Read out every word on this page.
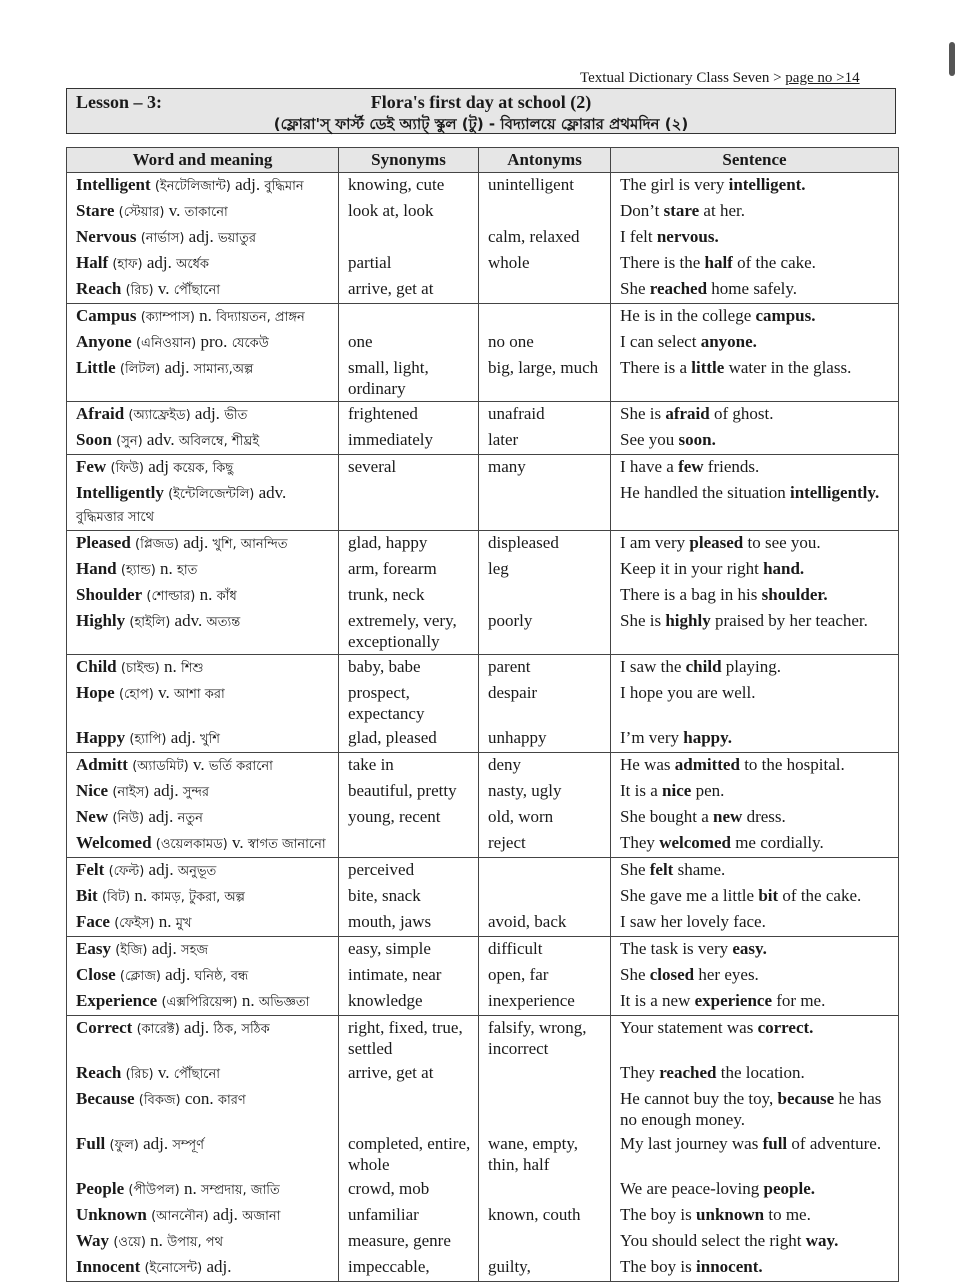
Textual Dictionary Class Seven > page no >14
Lesson – 3:	Flora's first day at school (2)
(ফ্লোরা'স্ ফার্স্ট ডেই অ্যাট্ স্কুল (টু) - বিদ্যালয়ে ফ্লোরার প্রথমদিন (২)
Word and meaning	Synonyms	Antonyms	Sentence
Intelligent (ইনটেলিজান্ট) adj. বুদ্ধিমান	knowing, cute	unintelligent	The girl is very intelligent.
Stare (স্টেয়ার) v. তাকানো	look at, look		Don’t stare at her.
Nervous (নার্ভাস) adj. ভয়াতুর		calm, relaxed	I felt nervous.
Half (হাফ) adj. অর্ধেক	partial	whole	There is the half of the cake.
Reach (রিচ) v. পৌঁছানো	arrive, get at		She reached home safely.
Campus (ক্যাম্পাস) n. বিদ্যায়তন, প্রাঙ্গন			He is in the college campus.
Anyone (এনিওয়ান) pro. যেকেউ	one	no one	I can select anyone.
Little (লিটল) adj. সামান্য,অল্প	small, light, ordinary	big, large, much	There is a little water in the glass.
Afraid (অ্যাফ্রেইড) adj. ভীত	frightened	unafraid	She is afraid of ghost.
Soon (সুন) adv. অবিলম্বে, শীঘ্রই	immediately	later	See you soon.
Few (ফিউ) adj কয়েক, কিছু	several	many	I have a few friends.
Intelligently (ইন্টেলিজেন্টলি) adv. বুদ্ধিমত্তার সাথে			He handled the situation intelligently.
Pleased (প্লিজড) adj. খুশি, আনন্দিত	glad, happy	displeased	I am very pleased to see you.
Hand (হ্যান্ড) n. হাত	arm, forearm	leg	Keep it in your right hand.
Shoulder (শোল্ডার) n. কাঁধ	trunk, neck		There is a bag in his shoulder.
Highly (হাইলি) adv. অত্যন্ত	extremely, very, exceptionally	poorly	She is highly praised by her teacher.
Child (চাইল্ড) n. শিশু	baby, babe	parent	I saw the child playing.
Hope (হোপ) v. আশা করা	prospect, expectancy	despair	I hope you are well.
Happy (হ্যাপি) adj. খুশি	glad, pleased	unhappy	I’m very happy.
Admitt (অ্যাডমিট) v. ভর্তি করানো	take in	deny	He was admitted to the hospital.
Nice (নাইস) adj. সুন্দর	beautiful, pretty	nasty, ugly	It is a nice pen.
New (নিউ) adj. নতুন	young, recent	old, worn	She bought a new dress.
Welcomed (ওয়েলকামড) v. স্বাগত জানানো		reject	They welcomed me cordially.
Felt (ফেল্ট) adj. অনুভূত	perceived		She felt shame.
Bit (বিট) n. কামড়, টুকরা, অল্প	bite, snack		She gave me a little bit of the cake.
Face (ফেইস) n. মুখ	mouth, jaws	avoid, back	I saw her lovely face.
Easy (ইজি) adj. সহজ	easy, simple	difficult	The task is very easy.
Close (ক্লোজ) adj. ঘনিষ্ঠ, বন্ধ	intimate, near	open, far	She closed her eyes.
Experience (এক্সপিরিয়েন্স) n. অভিজ্ঞতা	knowledge	inexperience	It is a new experience for me.
Correct (কারেক্ট) adj. ঠিক, সঠিক	right, fixed, true, settled	falsify, wrong, incorrect	Your statement was correct.
Reach (রিচ) v. পৌঁছানো	arrive, get at		They reached the location.
Because (বিকজ) con. কারণ			He cannot buy the toy, because he has no enough money.
Full (ফুল) adj. সম্পূর্ণ	completed, entire, whole	wane, empty, thin, half	My last journey was full of adventure.
People (পীউপল) n. সম্প্রদায়, জাতি	crowd, mob		We are peace-loving people.
Unknown (আননৌন) adj. অজানা	unfamiliar	known, couth	The boy is unknown to me.
Way (ওয়ে) n. উপায়, পথ	measure, genre		You should select the right way.
Innocent (ইনোসেন্ট) adj.	impeccable,	guilty,	The boy is innocent.
